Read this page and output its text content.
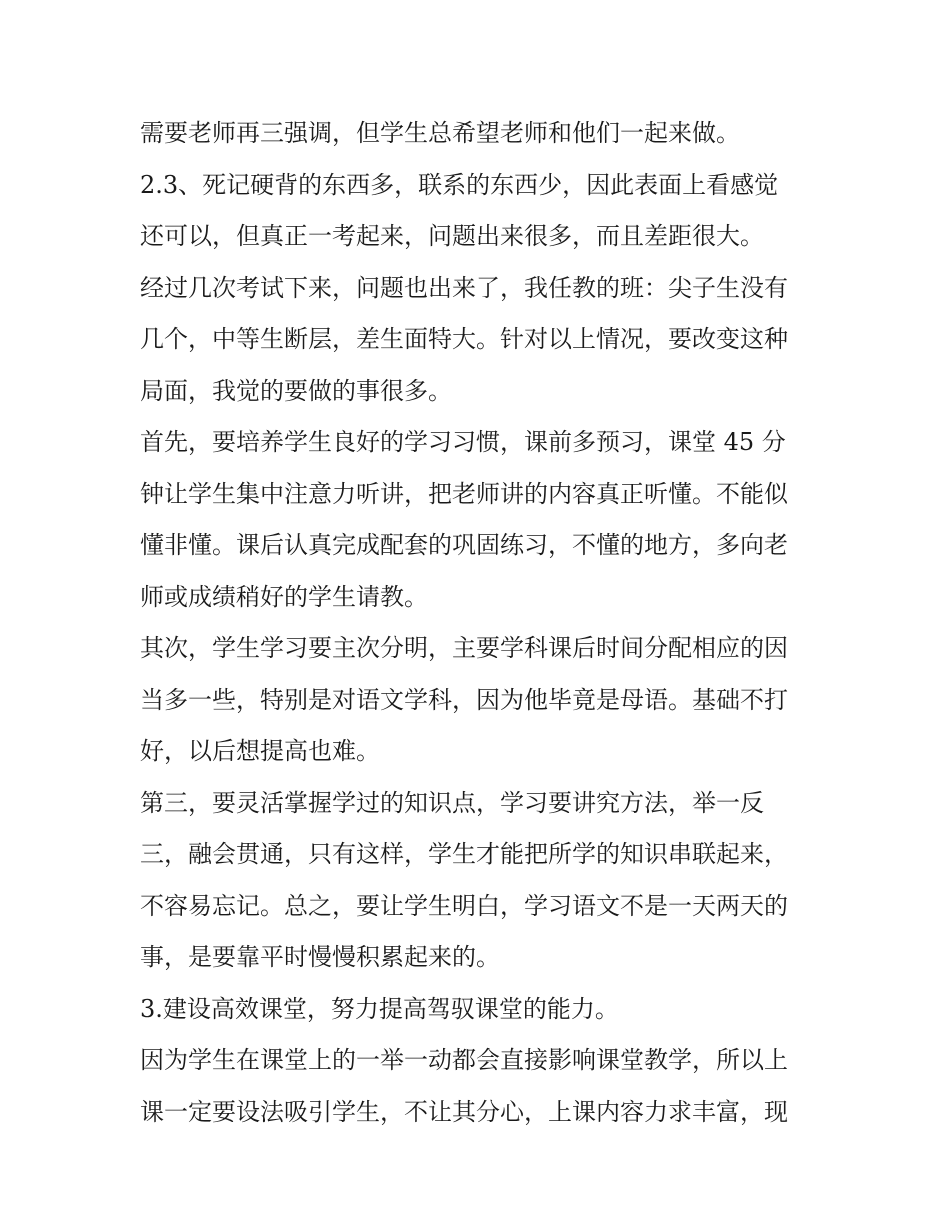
需要老师再三强调，但学生总希望老师和他们一起来做。
2.3、死记硬背的东西多，联系的东西少，因此表面上看感觉
还可以，但真正一考起来，问题出来很多，而且差距很大。
经过几次考试下来，问题也出来了，我任教的班：尖子生没有
几个，中等生断层，差生面特大。针对以上情况，要改变这种
局面，我觉的要做的事很多。
首先，要培养学生良好的学习习惯，课前多预习，课堂 45 分
钟让学生集中注意力听讲，把老师讲的内容真正听懂。不能似
懂非懂。课后认真完成配套的巩固练习，不懂的地方，多向老
师或成绩稍好的学生请教。
其次，学生学习要主次分明，主要学科课后时间分配相应的因
当多一些，特别是对语文学科，因为他毕竟是母语。基础不打
好，以后想提高也难。
第三，要灵活掌握学过的知识点，学习要讲究方法，举一反
三，融会贯通，只有这样，学生才能把所学的知识串联起来，
不容易忘记。总之，要让学生明白，学习语文不是一天两天的
事，是要靠平时慢慢积累起来的。
3.建设高效课堂，努力提高驾驭课堂的能力。
因为学生在课堂上的一举一动都会直接影响课堂教学，所以上
课一定要设法吸引学生，不让其分心，上课内容力求丰富，现
